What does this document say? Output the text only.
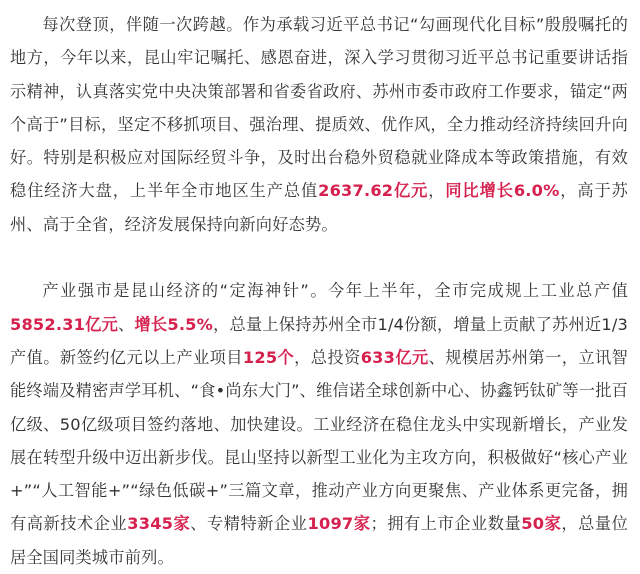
每次登顶，伴随一次跨越。作为承载习近平总书记“勾画现代化目标”殷殷嘱托的地方，今年以来，昆山牢记嘱托、感恩奋进，深入学习贯彻习近平总书记重要讲话指示精神，认真落实党中央决策部署和省委省政府、苏州市委市政府工作要求，锚定“两个高于”目标，坚定不移抓项目、强治理、提质效、优作风，全力推动经济持续回升向好。特别是积极应对国际经贸斗争，及时出台稳外贸稳就业降成本等政策措施，有效稳住经济大盘，上半年全市地区生产总值2637.62亿元，同比增长6.0%，高于苏州、高于全省，经济发展保持向新向好态势。

产业强市是昆山经济的“定海神针”。今年上半年，全市完成规上工业总产值5852.31亿元、增长5.5%，总量上保持苏州全市1/4份额，增量上贡献了苏州近1/3产值。新签约亿元以上产业项目125个，总投资633亿元、规模居苏州第一，立讯智能终端及精密声学耳机、“食•尚东大门”、维信诺全球创新中心、协鑫钙钛矿等一批百亿级、50亿级项目签约落地、加快建设。工业经济在稳住龙头中实现新增长，产业发展在转型升级中迈出新步伐。昆山坚持以新型工业化为主攻方向，积极做好“核心产业+”“人工智能+”“绿色低碳+”三篇文章，推动产业方向更聚焦、产业体系更完备，拥有高新技术企业3345家、专精特新企业1097家；拥有上市企业数量50家，总量位居全国同类城市前列。
